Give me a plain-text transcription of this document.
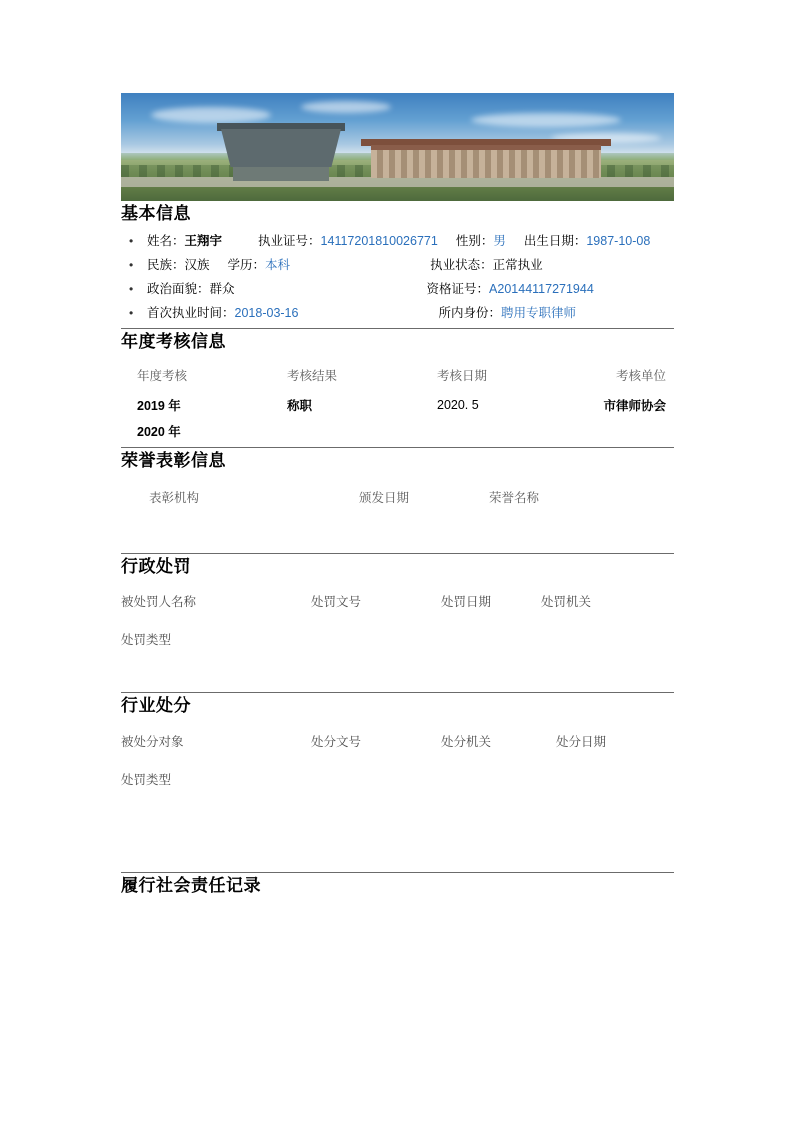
基本信息
• 姓名：王翔宇	执业证号：14117201810026771 性别：男 出生日期：1987-10-08
• 民族：汉族 学历：本科	执业状态：正常执业
• 政治面貌：群众	资格证号：A20144117271944
• 首次执业时间：2018-03-16	所内身份：聘用专职律师
年度考核信息
年度考核	考核结果	考核日期	考核单位
2019 年	称职	2020. 5	市律师协会
2020 年			
荣誉表彰信息
表彰机构	颁发日期	荣誉名称
行政处罚
被处罚人名称	处罚文号	处罚日期	处罚机关
处罚类型
行业处分
被处分对象	处分文号	处分机关	处分日期
处罚类型
履行社会责任记录
